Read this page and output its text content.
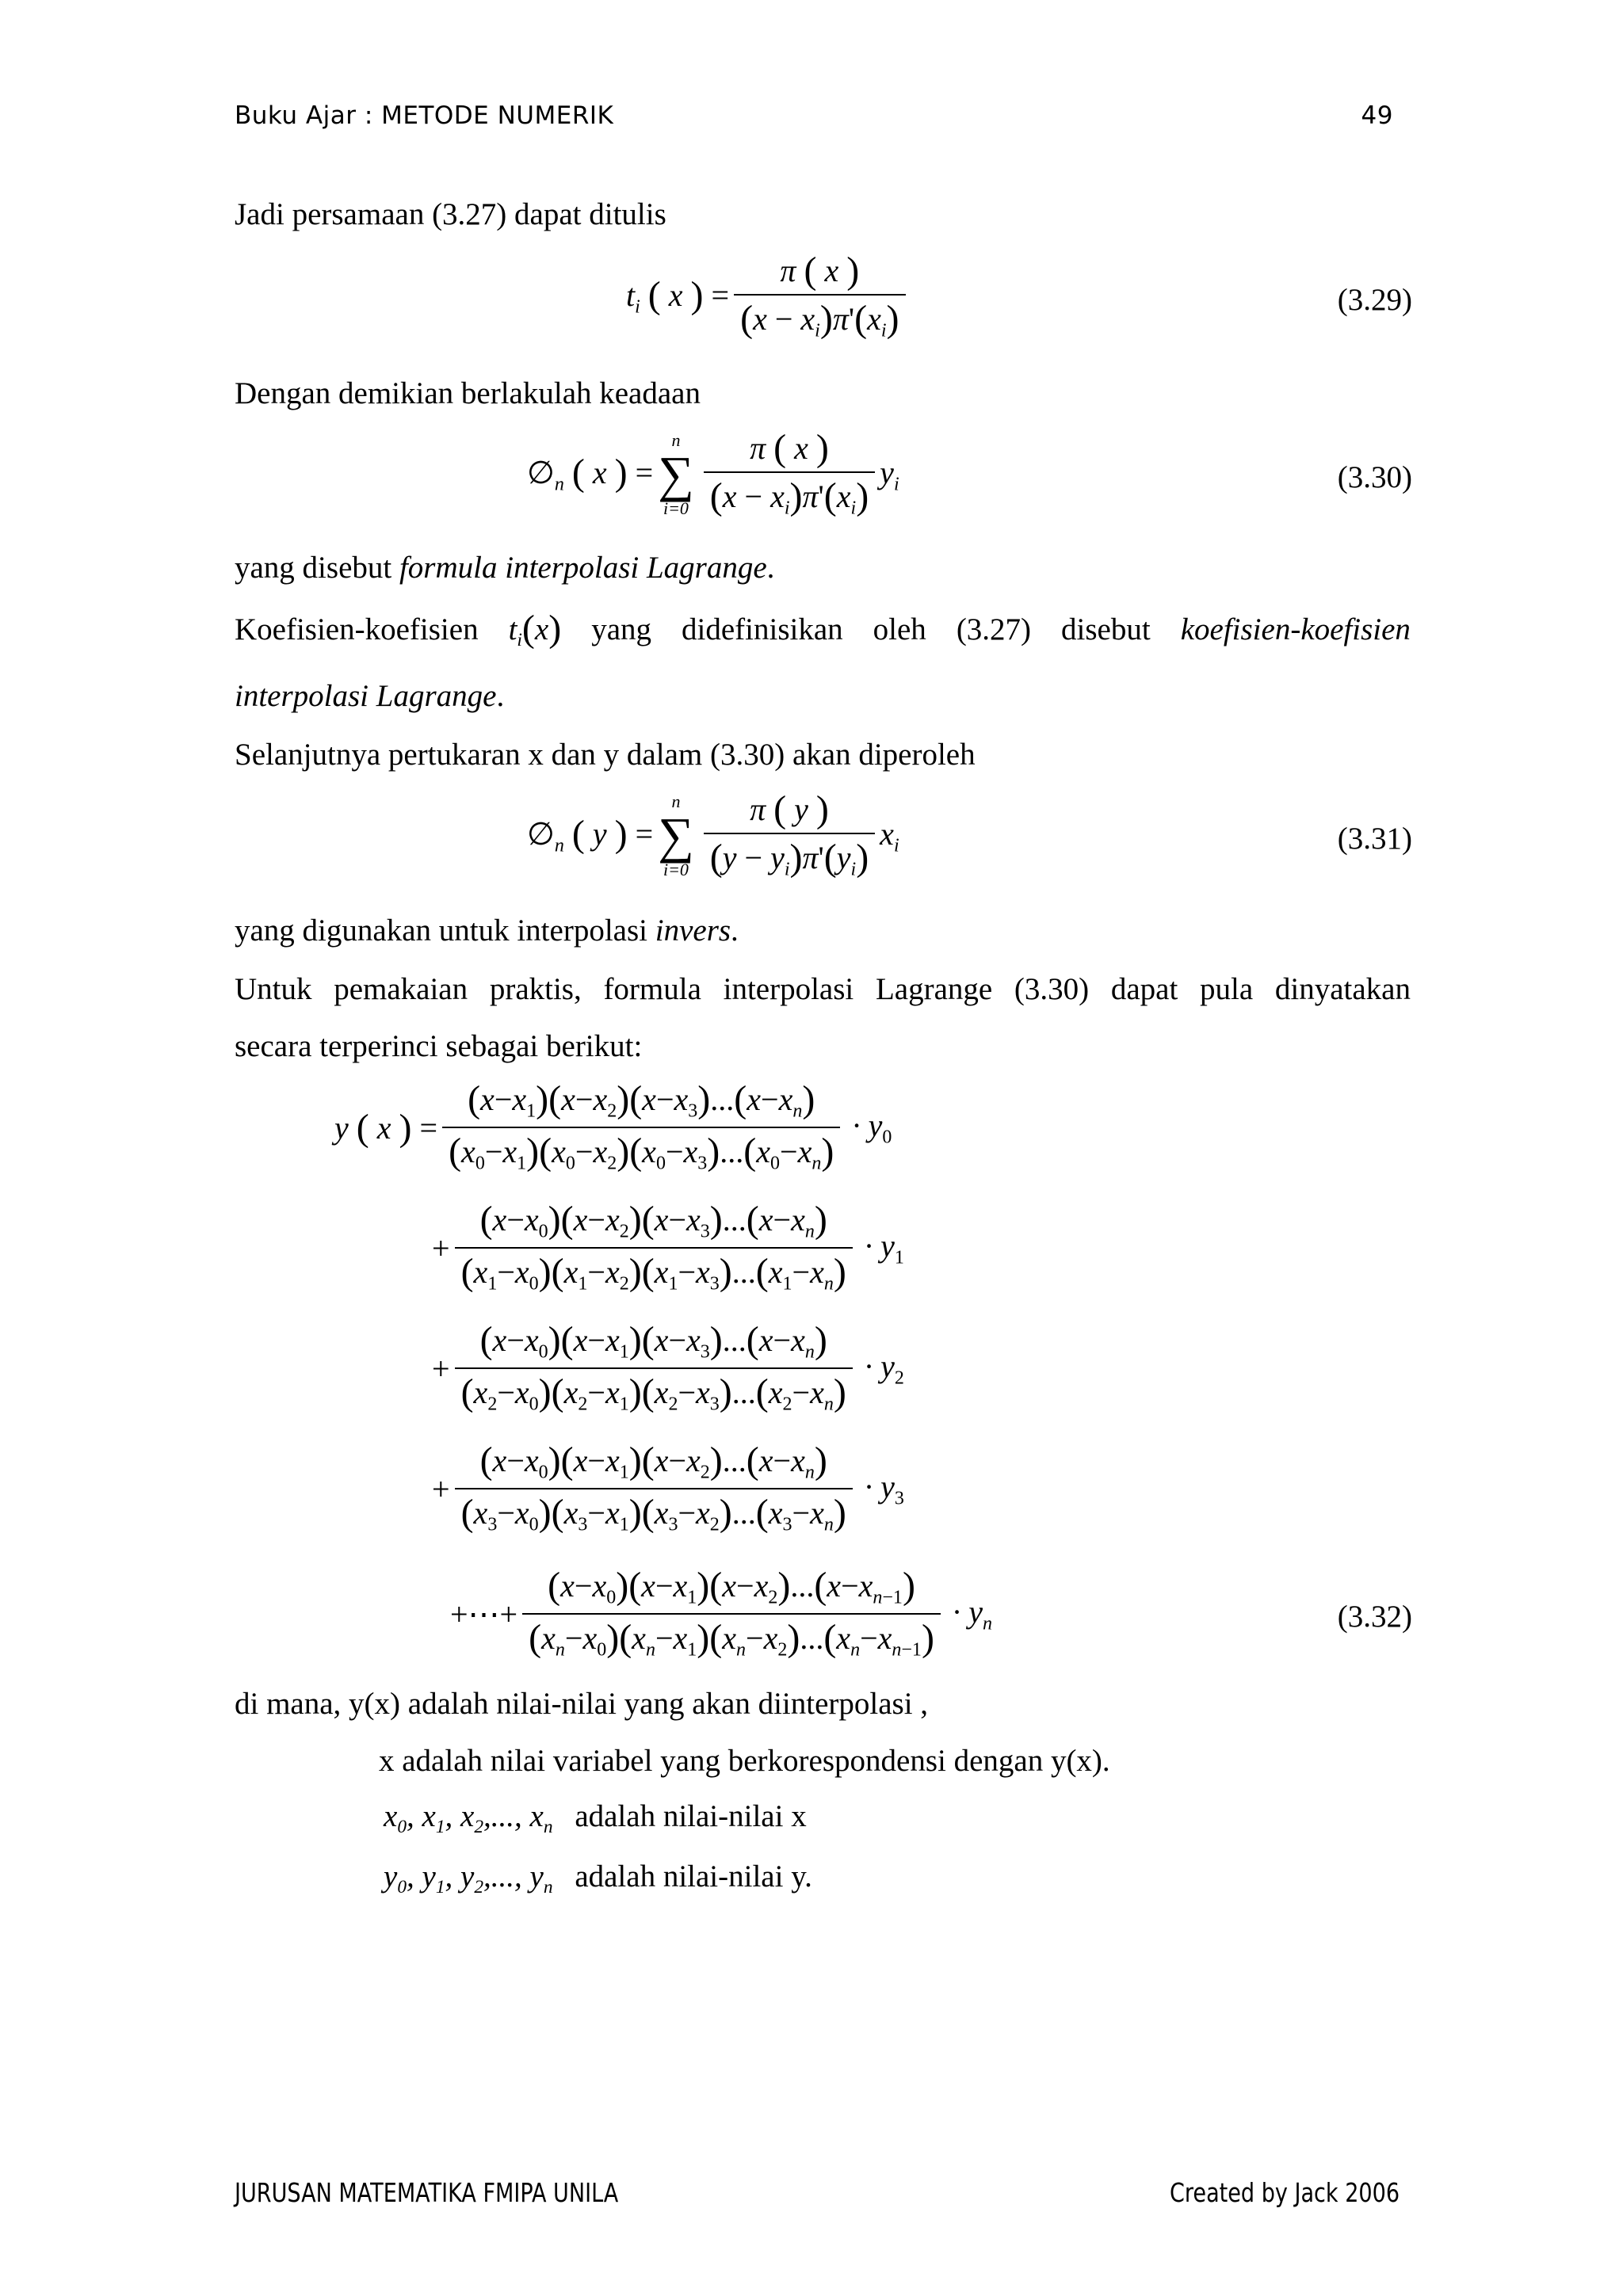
Buku Ajar : METODE NUMERIK	49
Jadi persamaan (3.27) dapat ditulis
$t_i$ ( x ) = $\frac{\pi ( x )}{(x - x_i)\pi'(x_i)}$	(3.29)
Dengan demikian berlakulah keadaan
$\emptyset_n$ ( x ) =
n
∑
$i=0 \frac{\pi ( x )}{(x - x_i)\pi'(x_i)} y_i$	(3.30)
yang disebut formula interpolasi Lagrange.
Koefisien-koefisien $t_i(x)$ yang didefinisikan oleh (3.27) disebut koefisien-koefisien
interpolasi Lagrange.
Selanjutnya pertukaran x dan y dalam (3.30) akan diperoleh
$\emptyset_n$ ( y ) =
n
∑
$i=0 \frac{\pi ( y )}{(y - y_i)\pi'(y_i)} x_i$	(3.31)
yang digunakan untuk interpolasi invers.
Untuk pemakaian praktis, formula interpolasi Lagrange (3.30) dapat pula dinyatakan
secara terperinci sebagai berikut:
y ( x ) = $\frac{(x-x_1)(x-x_2)(x-x_3)...(x-x_n)}{(x_0-x_1)(x_0-x_2)(x_0-x_3)...(x_0-x_n)} \cdot y_0$
+ $\frac{(x-x_0)(x-x_2)(x-x_3)...(x-x_n)}{(x_1-x_0)(x_1-x_2)(x_1-x_3)...(x_1-x_n)} \cdot y_1$
+ $\frac{(x-x_0)(x-x_1)(x-x_3)...(x-x_n)}{(x_2-x_0)(x_2-x_1)(x_2-x_3)...(x_2-x_n)} \cdot y_2$
+ $\frac{(x-x_0)(x-x_1)(x-x_2)...(x-x_n)}{(x_3-x_0)(x_3-x_1)(x_3-x_2)...(x_3-x_n)} \cdot y_3$
+⋯+ $\frac{(x-x_0)(x-x_1)(x-x_2)...(x-x_{n-1})}{(x_n-x_0)(x_n-x_1)(x_n-x_2)...(x_n-x_{n-1})} \cdot y_n$	(3.32)
di mana, y(x) adalah nilai-nilai yang akan diinterpolasi ,
x adalah nilai variabel yang berkorespondensi dengan y(x).
$x_0$, $x_1$, $x_2$,..., $x_n$ adalah nilai-nilai x
$y_0$, $y_1$, $y_2$,..., $y_n$ adalah nilai-nilai y.
JURUSAN MATEMATIKA FMIPA UNILA	Created by Jack 2006
